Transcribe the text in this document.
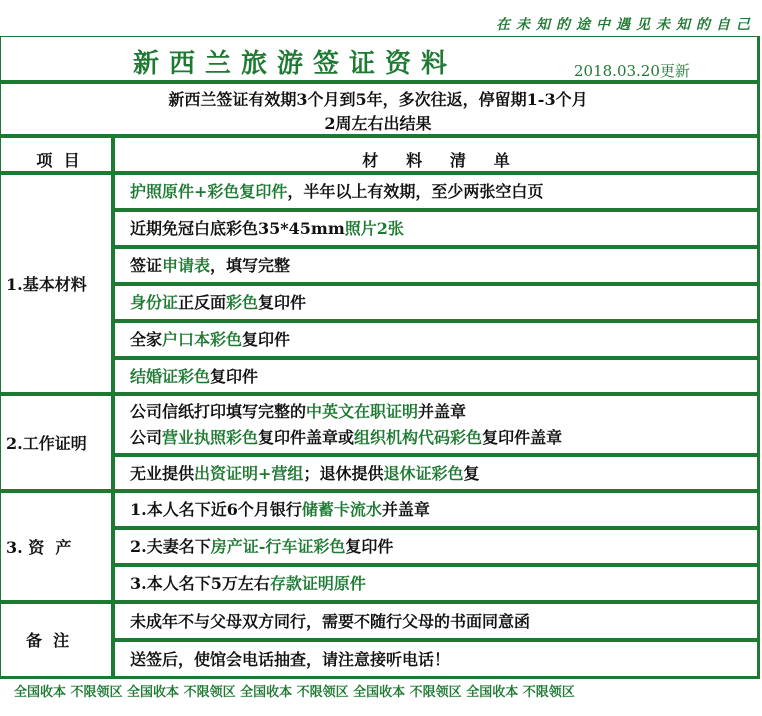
在未知的途中遇见未知的自己
新西兰旅游签证资料	2018.03.20更新
新西兰签证有效期3个月到5年，多次往返，停留期1-3个月
2周左右出结果
项  目	材     料     清     单
1.基本材料
2.工作证明
3. 资  产
备  注
护照原件+彩色复印件，半年以上有效期，至少两张空白页
近期免冠白底彩色35*45mm照片2张
签证申请表，填写完整
身份证正反面彩色复印件
全家户口本彩色复印件
结婚证彩色复印件
公司信纸打印填写完整的中英文在职证明并盖章
公司营业执照彩色复印件盖章或组织机构代码彩色复印件盖章
无业提供出资证明+营组；退休提供退休证彩色复
1.本人名下近6个月银行储蓄卡流水并盖章
2.夫妻名下房产证-行车证彩色复印件
3.本人名下5万左右存款证明原件
未成年不与父母双方同行，需要不随行父母的书面同意函
送签后，使馆会电话抽查，请注意接听电话！
全国收本 不限领区 全国收本 不限领区 全国收本 不限领区 全国收本 不限领区 全国收本 不限领区
